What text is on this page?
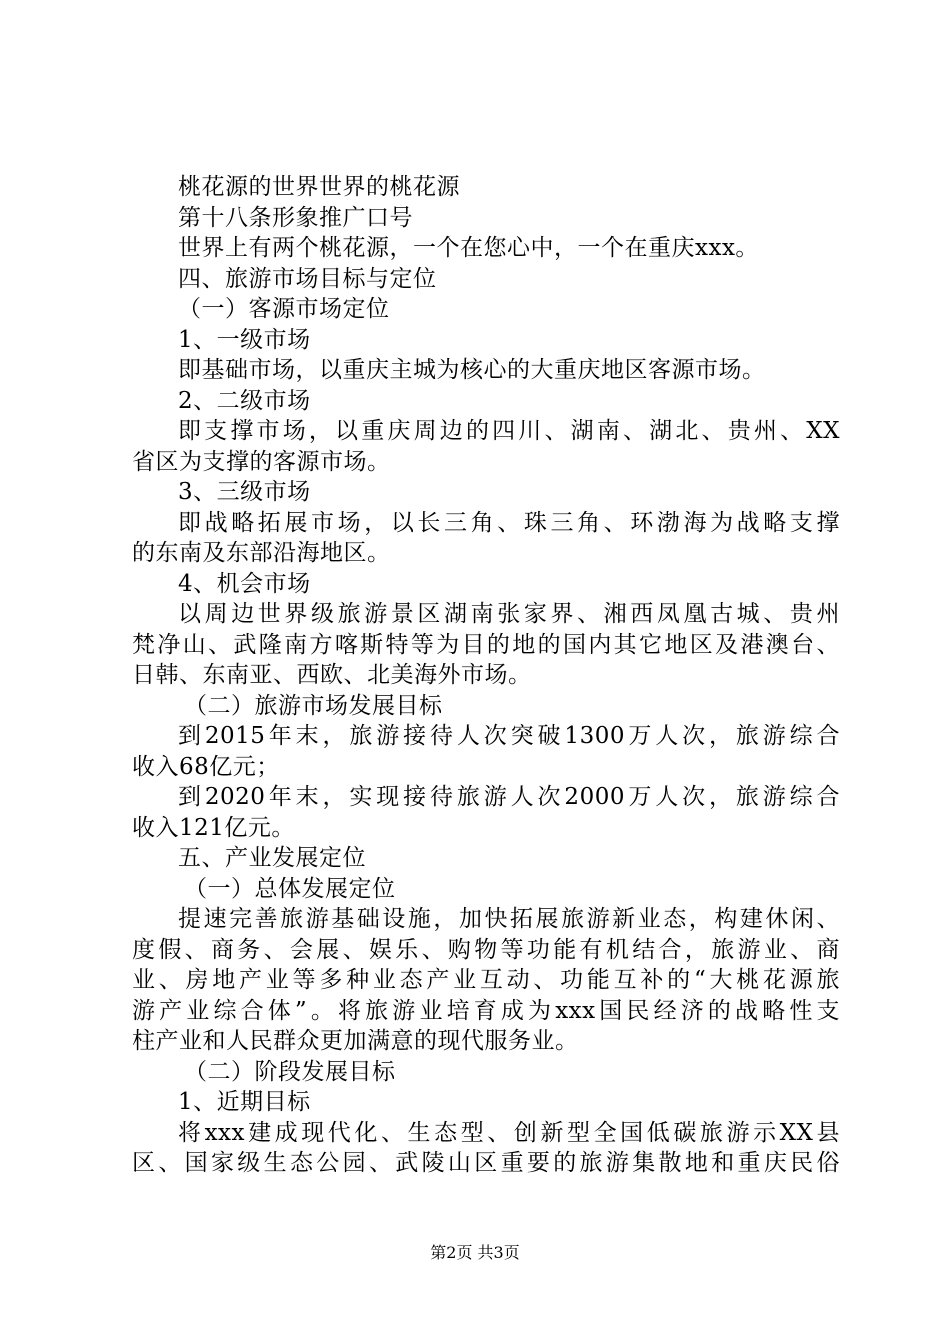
桃花源的世界世界的桃花源
第十八条形象推广口号
世界上有两个桃花源，一个在您心中，一个在重庆xxx。
四、旅游市场目标与定位
（一）客源市场定位
1、一级市场
即基础市场，以重庆主城为核心的大重庆地区客源市场。
2、二级市场
即支撑市场，以重庆周边的四川、湖南、湖北、贵州、XX
省区为支撑的客源市场。
3、三级市场
即战略拓展市场，以长三角、珠三角、环渤海为战略支撑
的东南及东部沿海地区。
4、机会市场
以周边世界级旅游景区湖南张家界、湘西凤凰古城、贵州
梵净山、武隆南方喀斯特等为目的地的国内其它地区及港澳台、
日韩、东南亚、西欧、北美海外市场。
（二）旅游市场发展目标
到2015年末，旅游接待人次突破1300万人次，旅游综合
收入68亿元；
到2020年末，实现接待旅游人次2000万人次，旅游综合
收入121亿元。
五、产业发展定位
（一）总体发展定位
提速完善旅游基础设施，加快拓展旅游新业态，构建休闲、
度假、商务、会展、娱乐、购物等功能有机结合，旅游业、商
业、房地产业等多种业态产业互动、功能互补的“大桃花源旅
游产业综合体”。将旅游业培育成为xxx国民经济的战略性支
柱产业和人民群众更加满意的现代服务业。
（二）阶段发展目标
1、近期目标
将xxx建成现代化、生态型、创新型全国低碳旅游示XX县
区、国家级生态公园、武陵山区重要的旅游集散地和重庆民俗
第2页 共3页
